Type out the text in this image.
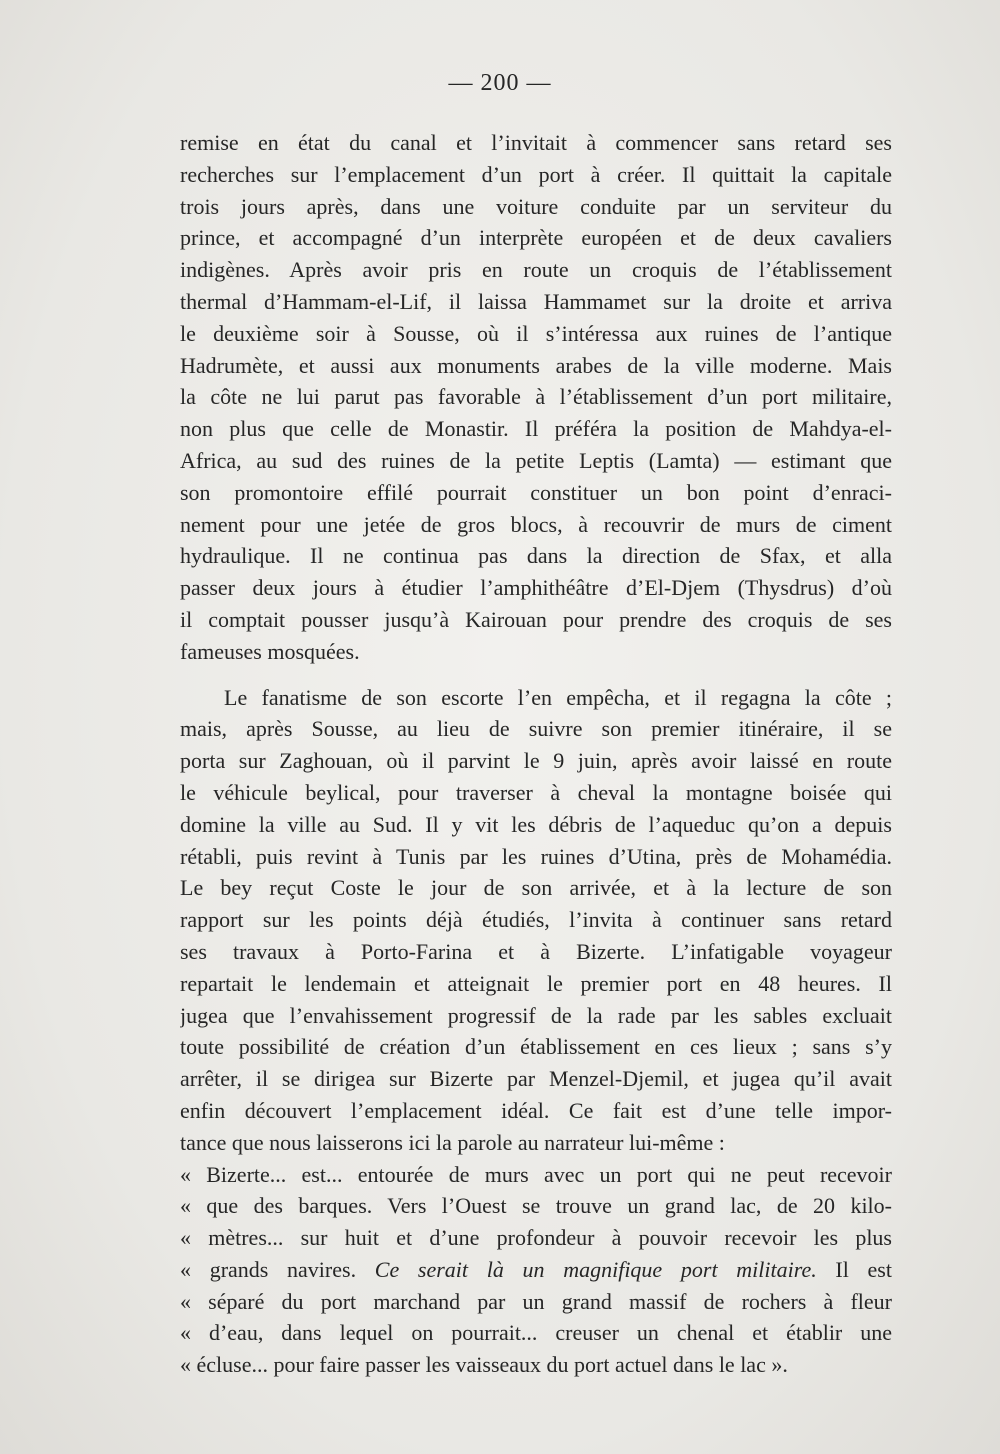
— 200 —
remise en état du canal et l’invitait à commencer sans retard ses
recherches sur l’emplacement d’un port à créer. Il quittait la capitale
trois jours après, dans une voiture conduite par un serviteur du
prince, et accompagné d’un interprète européen et de deux cavaliers
indigènes. Après avoir pris en route un croquis de l’établissement
thermal d’Hammam-el-Lif, il laissa Hammamet sur la droite et arriva
le deuxième soir à Sousse, où il s’intéressa aux ruines de l’antique
Hadrumète, et aussi aux monuments arabes de la ville moderne. Mais
la côte ne lui parut pas favorable à l’établissement d’un port militaire,
non plus que celle de Monastir. Il préféra la position de Mahdya-el-
Africa, au sud des ruines de la petite Leptis (Lamta) — estimant que
son promontoire effilé pourrait constituer un bon point d’enraci-
nement pour une jetée de gros blocs, à recouvrir de murs de ciment
hydraulique. Il ne continua pas dans la direction de Sfax, et alla
passer deux jours à étudier l’amphithéâtre d’El-Djem (Thysdrus) d’où
il comptait pousser jusqu’à Kairouan pour prendre des croquis de ses
fameuses mosquées.
Le fanatisme de son escorte l’en empêcha, et il regagna la côte ;
mais, après Sousse, au lieu de suivre son premier itinéraire, il se
porta sur Zaghouan, où il parvint le 9 juin, après avoir laissé en route
le véhicule beylical, pour traverser à cheval la montagne boisée qui
domine la ville au Sud. Il y vit les débris de l’aqueduc qu’on a depuis
rétabli, puis revint à Tunis par les ruines d’Utina, près de Mohamédia.
Le bey reçut Coste le jour de son arrivée, et à la lecture de son
rapport sur les points déjà étudiés, l’invita à continuer sans retard
ses travaux à Porto-Farina et à Bizerte. L’infatigable voyageur
repartait le lendemain et atteignait le premier port en 48 heures. Il
jugea que l’envahissement progressif de la rade par les sables excluait
toute possibilité de création d’un établissement en ces lieux ; sans s’y
arrêter, il se dirigea sur Bizerte par Menzel-Djemil, et jugea qu’il avait
enfin découvert l’emplacement idéal. Ce fait est d’une telle impor-
tance que nous laisserons ici la parole au narrateur lui-même :
« Bizerte... est... entourée de murs avec un port qui ne peut recevoir
« que des barques. Vers l’Ouest se trouve un grand lac, de 20 kilo-
« mètres... sur huit et d’une profondeur à pouvoir recevoir les plus
« grands navires. Ce serait là un magnifique port militaire. Il est
« séparé du port marchand par un grand massif de rochers à fleur
« d’eau, dans lequel on pourrait... creuser un chenal et établir une
« écluse... pour faire passer les vaisseaux du port actuel dans le lac ».
